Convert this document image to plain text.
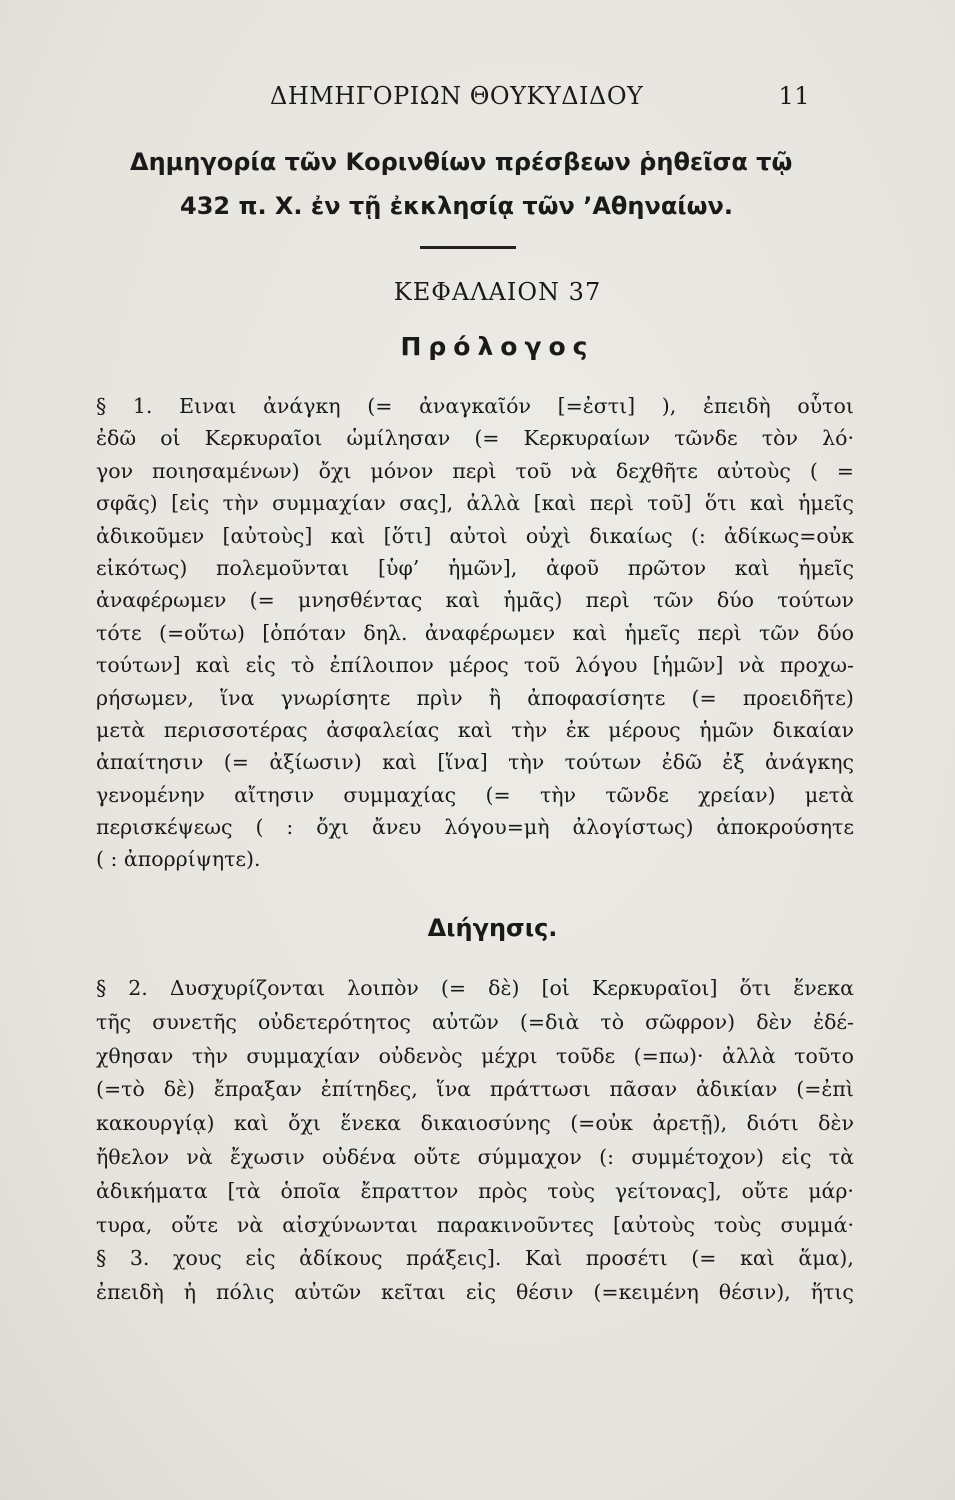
ΔΗΜΗΓΟΡΙΩΝ ΘΟΥΚΥΔΙΔΟΥ	11
Δημηγορία τῶν Κορινθίων πρέσβεων ῥηθεῖσα τῷ
432 π. Χ. ἐν τῇ ἐκκλησίᾳ τῶν ’Αθηναίων.
ΚΕΦΑΛΑΙΟΝ 37
Πρόλογος
§ 1. Ειναι ἀνάγκη (= ἀναγκαῖόν [=ἐστι] ), ἐπειδὴ οὗτοι
ἐδῶ οἱ Κερκυραῖοι ὡμίλησαν (= Κερκυραίων τῶνδε τὸν λό·
γον ποιησαμένων) ὄχι μόνον περὶ τοῦ νὰ δεχθῆτε αὐτοὺς ( =
σφᾶς) [εἰς τὴν συμμαχίαν σας], ἀλλὰ [καὶ περὶ τοῦ] ὅτι καὶ ἡμεῖς
ἀδικοῦμεν [αὐτοὺς] καὶ [ὅτι] αὐτοὶ οὐχὶ δικαίως (: ἀδίκως=οὐκ
εἰκότως) πολεμοῦνται [ὑφ’ ἡμῶν], ἀφοῦ πρῶτον καὶ ἡμεῖς
ἀναφέρωμεν (= μνησθέντας καὶ ἡμᾶς) περὶ τῶν δύο τούτων
τότε (=οὕτω) [ὁπόταν δηλ. ἀναφέρωμεν καὶ ἡμεῖς περὶ τῶν δύο
τούτων] καὶ εἰς τὸ ἐπίλοιπον μέρος τοῦ λόγου [ἡμῶν] νὰ προχω-
ρήσωμεν, ἵνα γνωρίσητε πρὶν ἢ ἀποφασίσητε (= προειδῆτε)
μετὰ περισσοτέρας ἀσφαλείας καὶ τὴν ἐκ μέρους ἡμῶν δικαίαν
ἀπαίτησιν (= ἀξίωσιν) καὶ [ἵνα] τὴν τούτων ἐδῶ ἐξ ἀνάγκης
γενομένην αἴτησιν συμμαχίας (= τὴν τῶνδε χρείαν) μετὰ
περισκέψεως ( : ὄχι ἄνευ λόγου=μὴ ἀλογίστως) ἀποκρούσητε
( : ἀπορρίψητε).
Διήγησις.
§ 2. Δυσχυρίζονται λοιπὸν (= δὲ) [οἱ Κερκυραῖοι] ὅτι ἕνεκα
τῆς συνετῆς οὐδετερότητος αὐτῶν (=διὰ τὸ σῶφρον) δὲν ἐδέ-
χθησαν τὴν συμμαχίαν οὐδενὸς μέχρι τοῦδε (=πω)· ἀλλὰ τοῦτο
(=τὸ δὲ) ἔπραξαν ἐπίτηδες, ἵνα πράττωσι πᾶσαν ἀδικίαν (=ἐπὶ
κακουργίᾳ) καὶ ὄχι ἕνεκα δικαιοσύνης (=οὐκ ἀρετῇ), διότι δὲν
ἤθελον νὰ ἔχωσιν οὐδένα οὔτε σύμμαχον (: συμμέτοχον) εἰς τὰ
ἀδικήματα [τὰ ὁποῖα ἔπραττον πρὸς τοὺς γείτονας], οὔτε μάρ·
τυρα, οὔτε νὰ αἰσχύνωνται παρακινοῦντες [αὐτοὺς τοὺς συμμά·
§ 3. χους εἰς ἀδίκους πράξεις]. Καὶ προσέτι (= καὶ ἅμα),
ἐπειδὴ ἡ πόλις αὐτῶν κεῖται εἰς θέσιν (=κειμένη θέσιν), ἥτις
